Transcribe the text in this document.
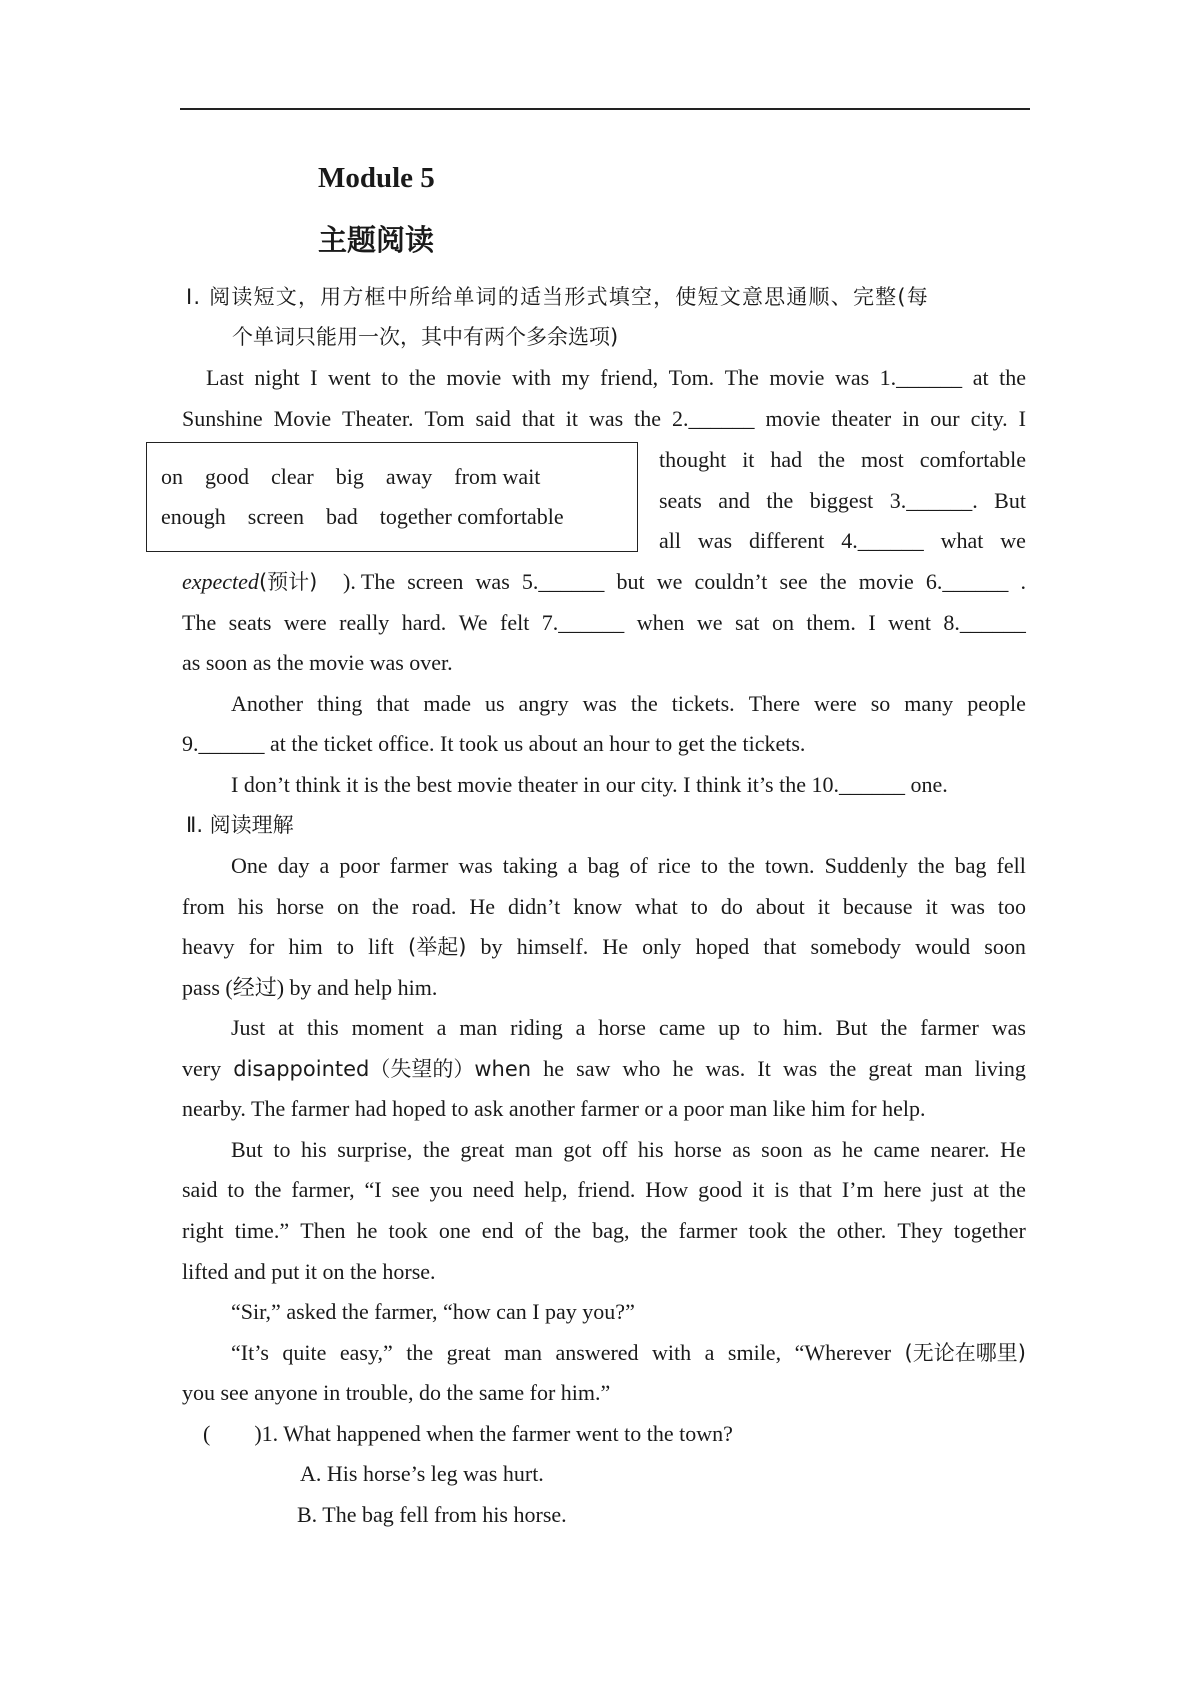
Module 5
主题阅读
Ⅰ. 阅读短文，用方框中所给单词的适当形式填空，使短文意思通顺、完整(每
个单词只能用一次，其中有两个多余选项)
Last night I went to the movie with my friend, Tom. The movie was 1.______ at the
Sunshine Movie Theater. Tom said that it was the 2.______ movie theater in our city. I
on good clear big away from wait
enough screen bad together comfortable
thought it had the most comfortable
seats and the biggest 3.______. But
all was different 4.______ what we
expected(预计) ). The screen was 5.______ but we couldn’t see the movie 6.______ .
The seats were really hard. We felt 7.______ when we sat on them. I went 8.______
as soon as the movie was over.
Another thing that made us angry was the tickets. There were so many people
9.______ at the ticket office. It took us about an hour to get the tickets.
I don’t think it is the best movie theater in our city. I think it’s the 10.______ one.
Ⅱ. 阅读理解
One day a poor farmer was taking a bag of rice to the town. Suddenly the bag fell
from his horse on the road. He didn’t know what to do about it because it was too
heavy for him to lift (举起) by himself. He only hoped that somebody would soon
pass (经过) by and help him.
Just at this moment a man riding a horse came up to him. But the farmer was
very disappointed（失望的）when he saw who he was. It was the great man living
nearby. The farmer had hoped to ask another farmer or a poor man like him for help.
But to his surprise, the great man got off his horse as soon as he came nearer. He
said to the farmer, “I see you need help, friend. How good it is that I’m here just at the
right time.” Then he took one end of the bag, the farmer took the other. They together
lifted and put it on the horse.
“Sir,” asked the farmer, “how can I pay you?”
“It’s quite easy,” the great man answered with a smile, “Wherever (无论在哪里)
you see anyone in trouble, do the same for him.”
(        )1. What happened when the farmer went to the town?
A. His horse’s leg was hurt.
B. The bag fell from his horse.
